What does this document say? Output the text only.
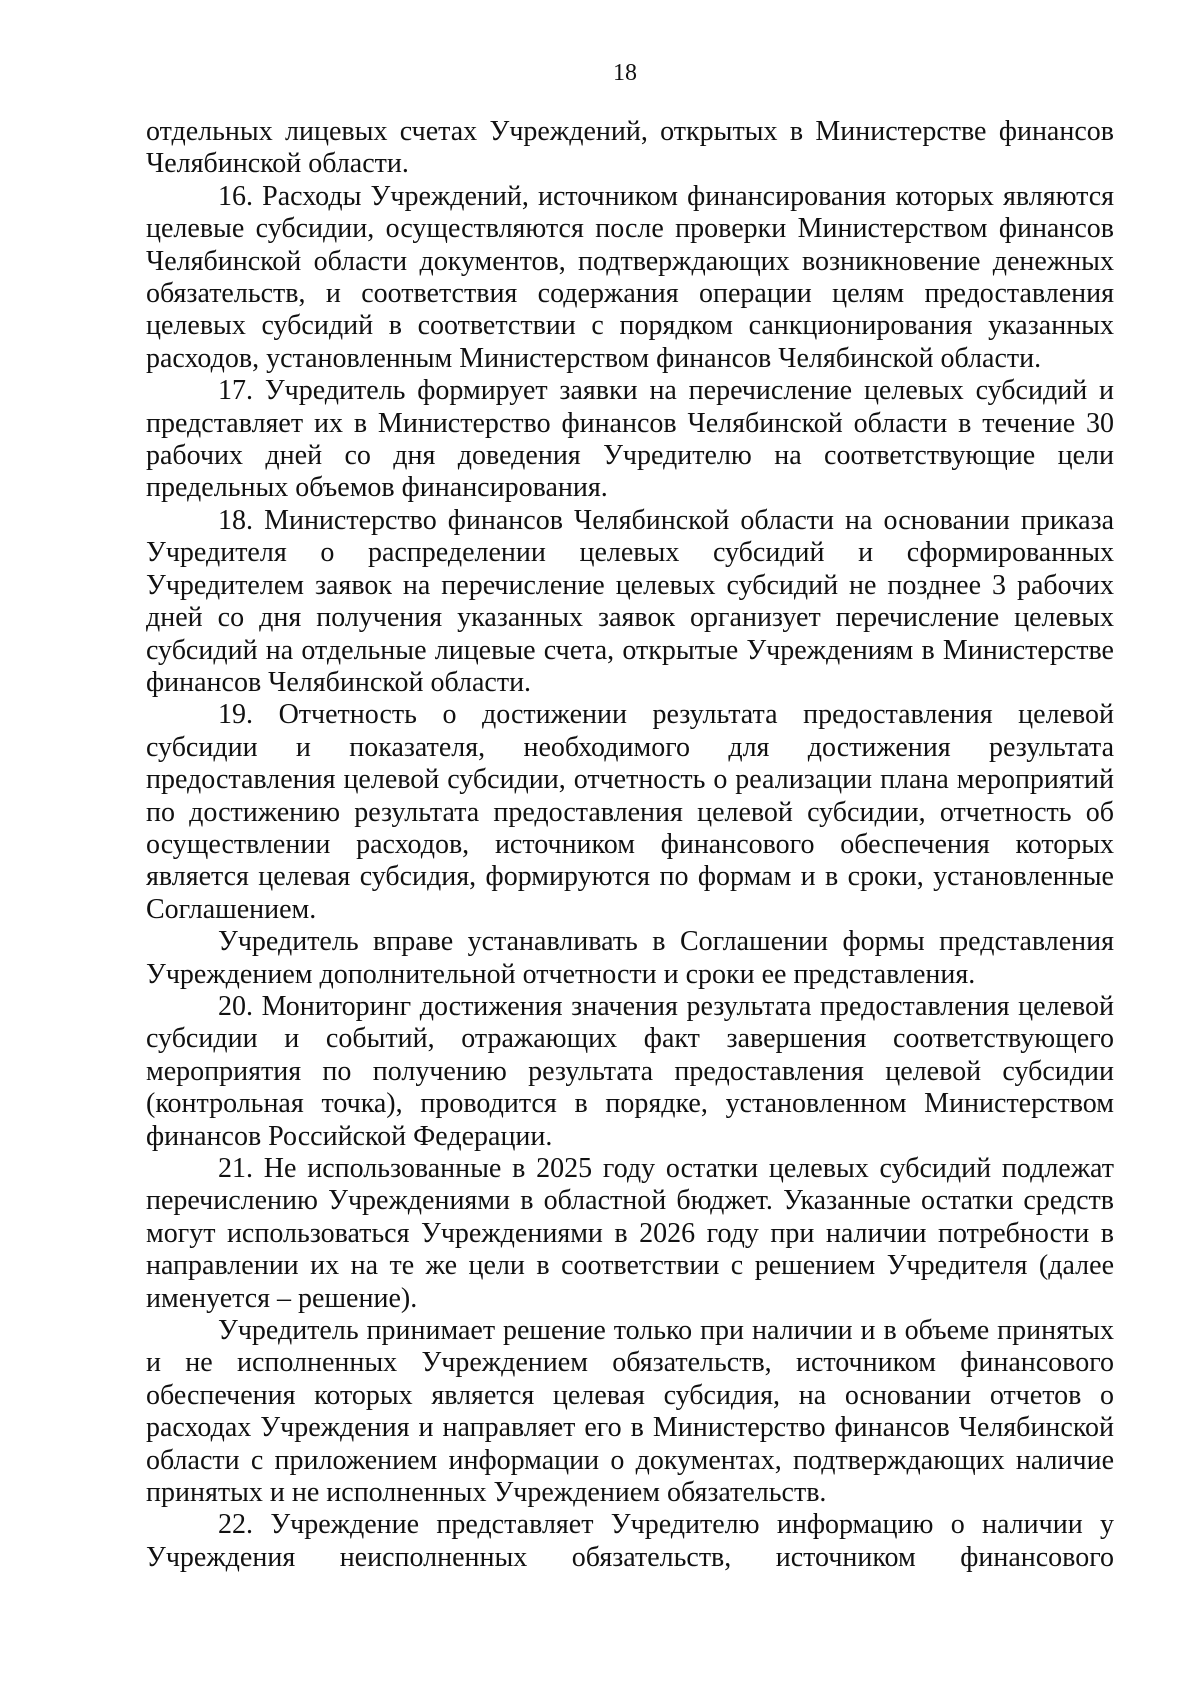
18

отдельных лицевых счетах Учреждений, открытых в Министерстве финансов Челябинской области.

16. Расходы Учреждений, источником финансирования которых являются целевые субсидии, осуществляются после проверки Министерством финансов Челябинской области документов, подтверждающих возникновение денежных обязательств, и соответствия содержания операции целям предоставления целевых субсидий в соответствии с порядком санкционирования указанных расходов, установленным Министерством финансов Челябинской области.

17. Учредитель формирует заявки на перечисление целевых субсидий и представляет их в Министерство финансов Челябинской области в течение 30 рабочих дней со дня доведения Учредителю на соответствующие цели предельных объемов финансирования.

18. Министерство финансов Челябинской области на основании приказа Учредителя о распределении целевых субсидий и сформированных Учредителем заявок на перечисление целевых субсидий не позднее 3 рабочих дней со дня получения указанных заявок организует перечисление целевых субсидий на отдельные лицевые счета, открытые Учреждениям в Министерстве финансов Челябинской области.

19. Отчетность о достижении результата предоставления целевой субсидии и показателя, необходимого для достижения результата предоставления целевой субсидии, отчетность о реализации плана мероприятий по достижению результата предоставления целевой субсидии, отчетность об осуществлении расходов, источником финансового обеспечения которых является целевая субсидия, формируются по формам и в сроки, установленные Соглашением.

Учредитель вправе устанавливать в Соглашении формы представления Учреждением дополнительной отчетности и сроки ее представления.

20. Мониторинг достижения значения результата предоставления целевой субсидии и событий, отражающих факт завершения соответствующего мероприятия по получению результата предоставления целевой субсидии (контрольная точка), проводится в порядке, установленном Министерством финансов Российской Федерации.

21. Не использованные в 2025 году остатки целевых субсидий подлежат перечислению Учреждениями в областной бюджет. Указанные остатки средств могут использоваться Учреждениями в 2026 году при наличии потребности в направлении их на те же цели в соответствии с решением Учредителя (далее именуется – решение).

Учредитель принимает решение только при наличии и в объеме принятых и не исполненных Учреждением обязательств, источником финансового обеспечения которых является целевая субсидия, на основании отчетов о расходах Учреждения и направляет его в Министерство финансов Челябинской области с приложением информации о документах, подтверждающих наличие принятых и не исполненных Учреждением обязательств.

22. Учреждение представляет Учредителю информацию о наличии у Учреждения неисполненных обязательств, источником финансового
